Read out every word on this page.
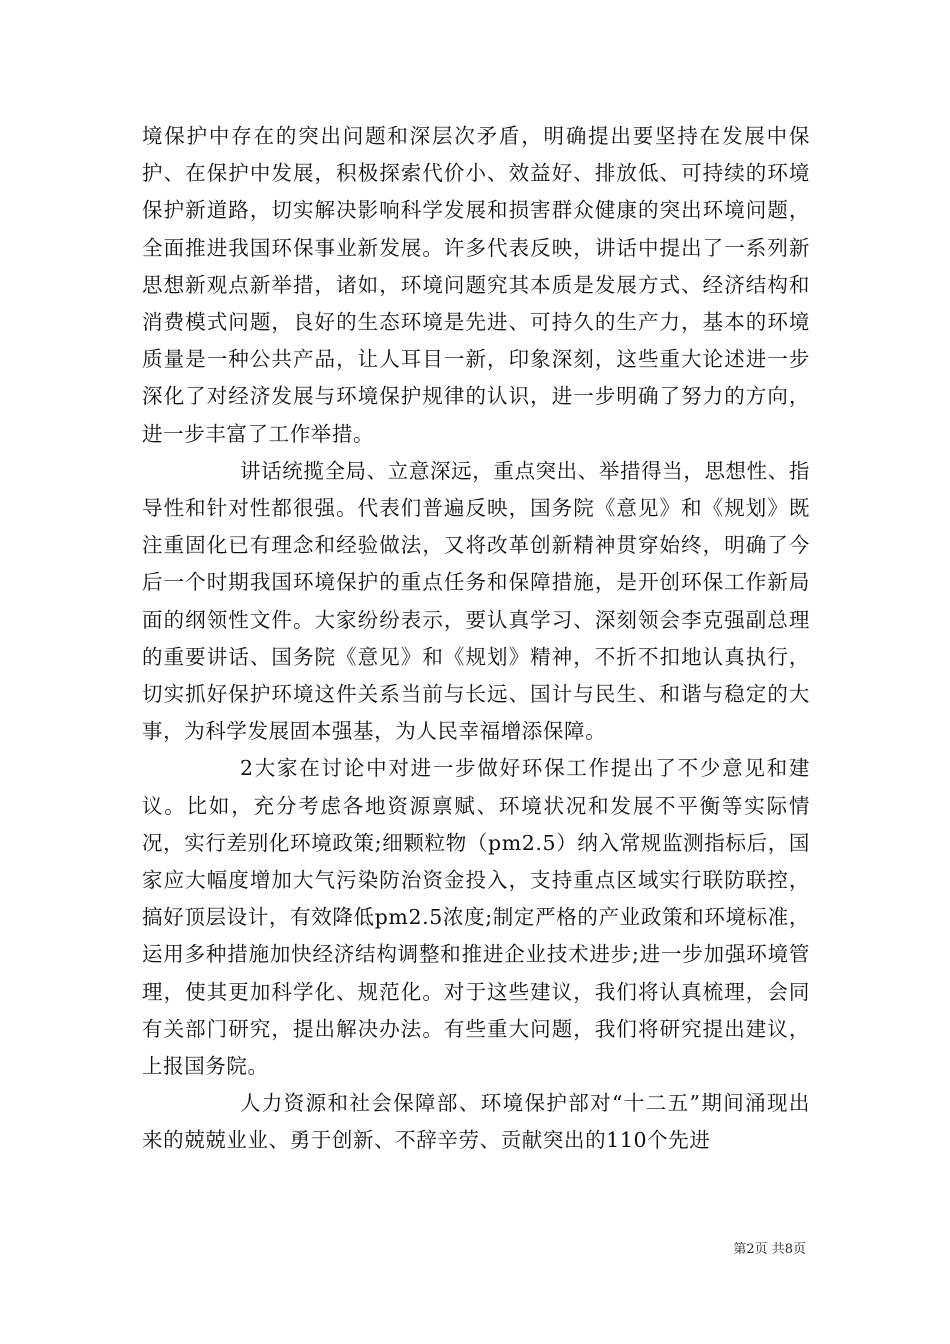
境保护中存在的突出问题和深层次矛盾，明确提出要坚持在发展中保护、在保护中发展，积极探索代价小、效益好、排放低、可持续的环境保护新道路，切实解决影响科学发展和损害群众健康的突出环境问题，全面推进我国环保事业新发展。许多代表反映，讲话中提出了一系列新思想新观点新举措，诸如，环境问题究其本质是发展方式、经济结构和消费模式问题，良好的生态环境是先进、可持久的生产力，基本的环境质量是一种公共产品，让人耳目一新，印象深刻，这些重大论述进一步深化了对经济发展与环境保护规律的认识，进一步明确了努力的方向，进一步丰富了工作举措。

讲话统揽全局、立意深远，重点突出、举措得当，思想性、指导性和针对性都很强。代表们普遍反映，国务院《意见》和《规划》既注重固化已有理念和经验做法，又将改革创新精神贯穿始终，明确了今后一个时期我国环境保护的重点任务和保障措施，是开创环保工作新局面的纲领性文件。大家纷纷表示，要认真学习、深刻领会李克强副总理的重要讲话、国务院《意见》和《规划》精神，不折不扣地认真执行，切实抓好保护环境这件关系当前与长远、国计与民生、和谐与稳定的大事，为科学发展固本强基，为人民幸福增添保障。

2大家在讨论中对进一步做好环保工作提出了不少意见和建议。比如，充分考虑各地资源禀赋、环境状况和发展不平衡等实际情况，实行差别化环境政策;细颗粒物（pm2.5）纳入常规监测指标后，国家应大幅度增加大气污染防治资金投入，支持重点区域实行联防联控，搞好顶层设计，有效降低pm2.5浓度;制定严格的产业政策和环境标准，运用多种措施加快经济结构调整和推进企业技术进步;进一步加强环境管理，使其更加科学化、规范化。对于这些建议，我们将认真梳理，会同有关部门研究，提出解决办法。有些重大问题，我们将研究提出建议，上报国务院。

人力资源和社会保障部、环境保护部对“十二五”期间涌现出来的兢兢业业、勇于创新、不辞辛劳、贡献突出的110个先进

第2页 共8页
